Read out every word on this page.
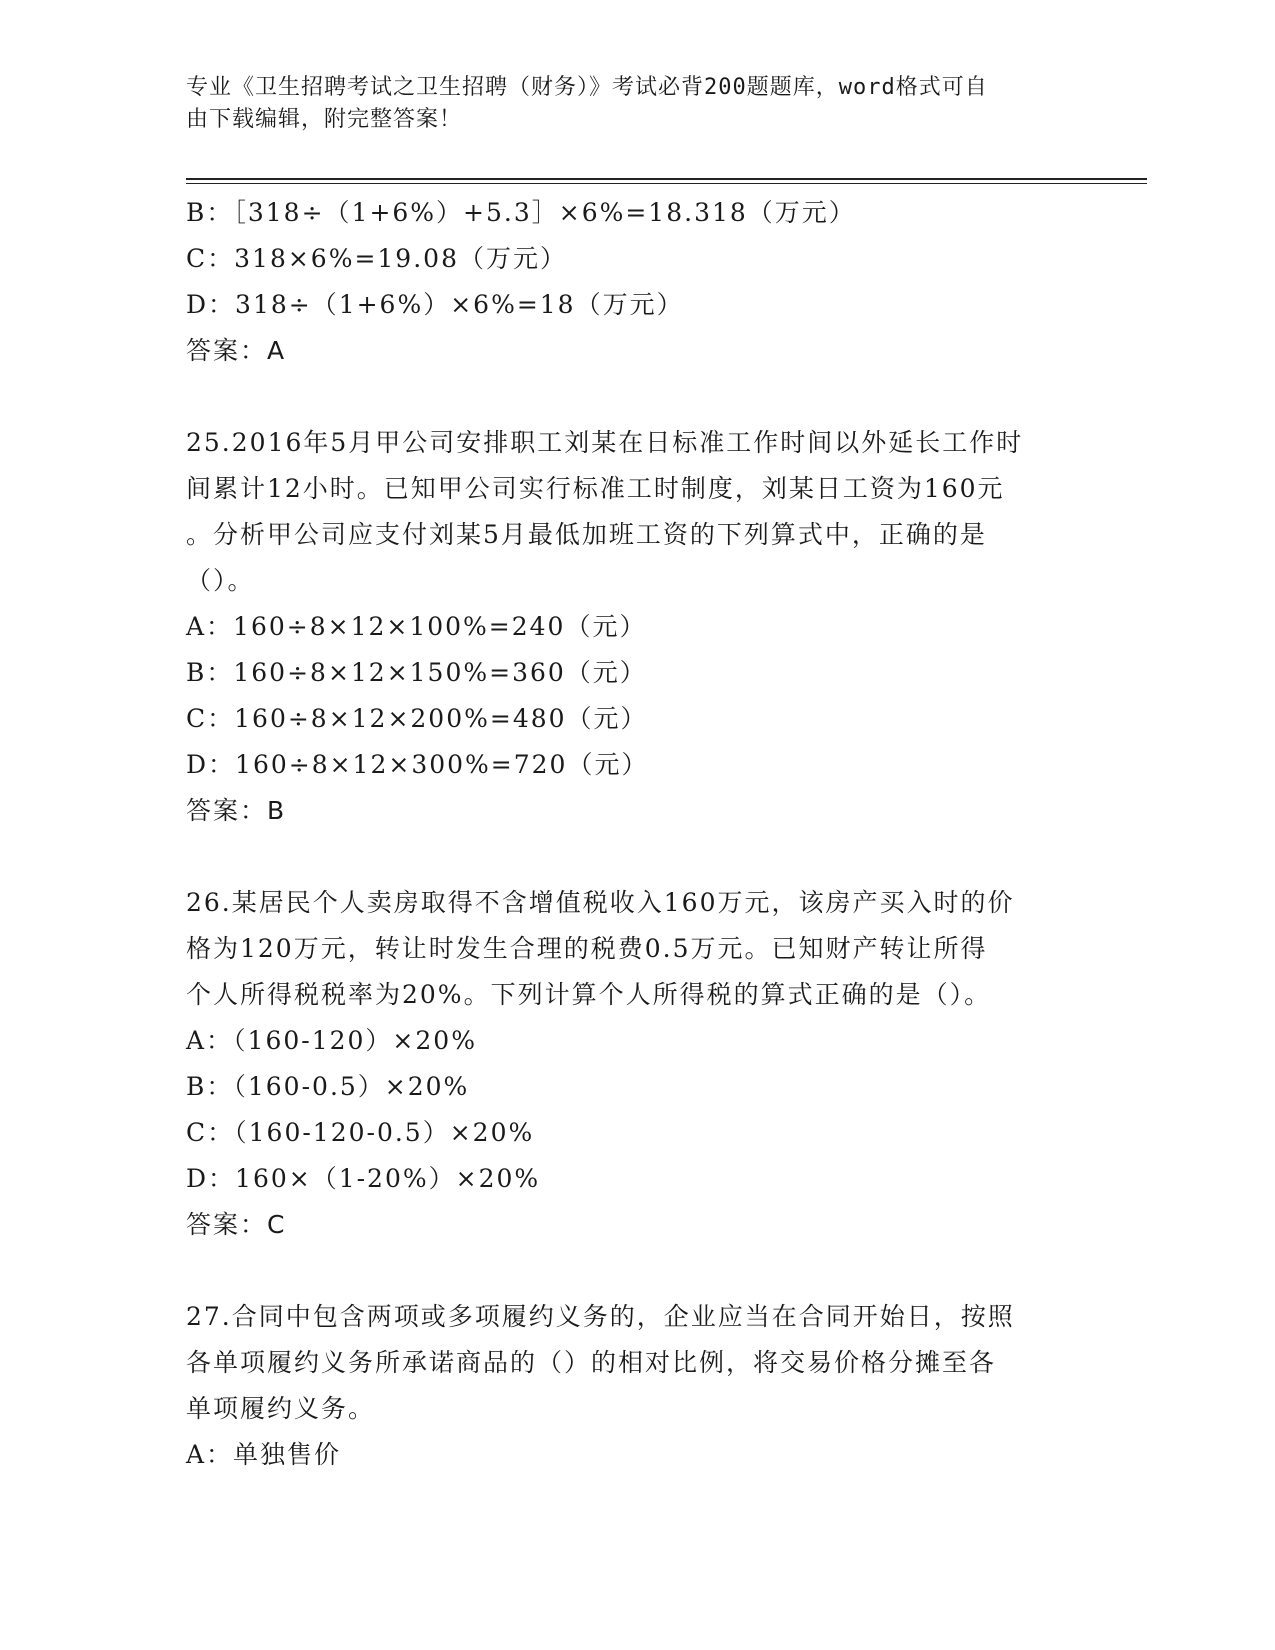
专业《卫生招聘考试之卫生招聘（财务）》考试必背200题题库，word格式可自
由下载编辑，附完整答案！
B：［318÷（1+6%）+5.3］×6%=18.318（万元）
C：318×6%=19.08（万元）
D：318÷（1+6%）×6%=18（万元）
答案：A
25.2016年5月甲公司安排职工刘某在日标准工作时间以外延长工作时
间累计12小时。已知甲公司实行标准工时制度，刘某日工资为160元
。分析甲公司应支付刘某5月最低加班工资的下列算式中，正确的是
（）。
A：160÷8×12×100%=240（元）
B：160÷8×12×150%=360（元）
C：160÷8×12×200%=480（元）
D：160÷8×12×300%=720（元）
答案：B
26.某居民个人卖房取得不含增值税收入160万元，该房产买入时的价
格为120万元，转让时发生合理的税费0.5万元。已知财产转让所得
个人所得税税率为20%。下列计算个人所得税的算式正确的是（）。
A：（160-120）×20%
B：（160-0.5）×20%
C：（160-120-0.5）×20%
D：160×（1-20%）×20%
答案：C
27.合同中包含两项或多项履约义务的，企业应当在合同开始日，按照
各单项履约义务所承诺商品的（）的相对比例，将交易价格分摊至各
单项履约义务。
A：单独售价
